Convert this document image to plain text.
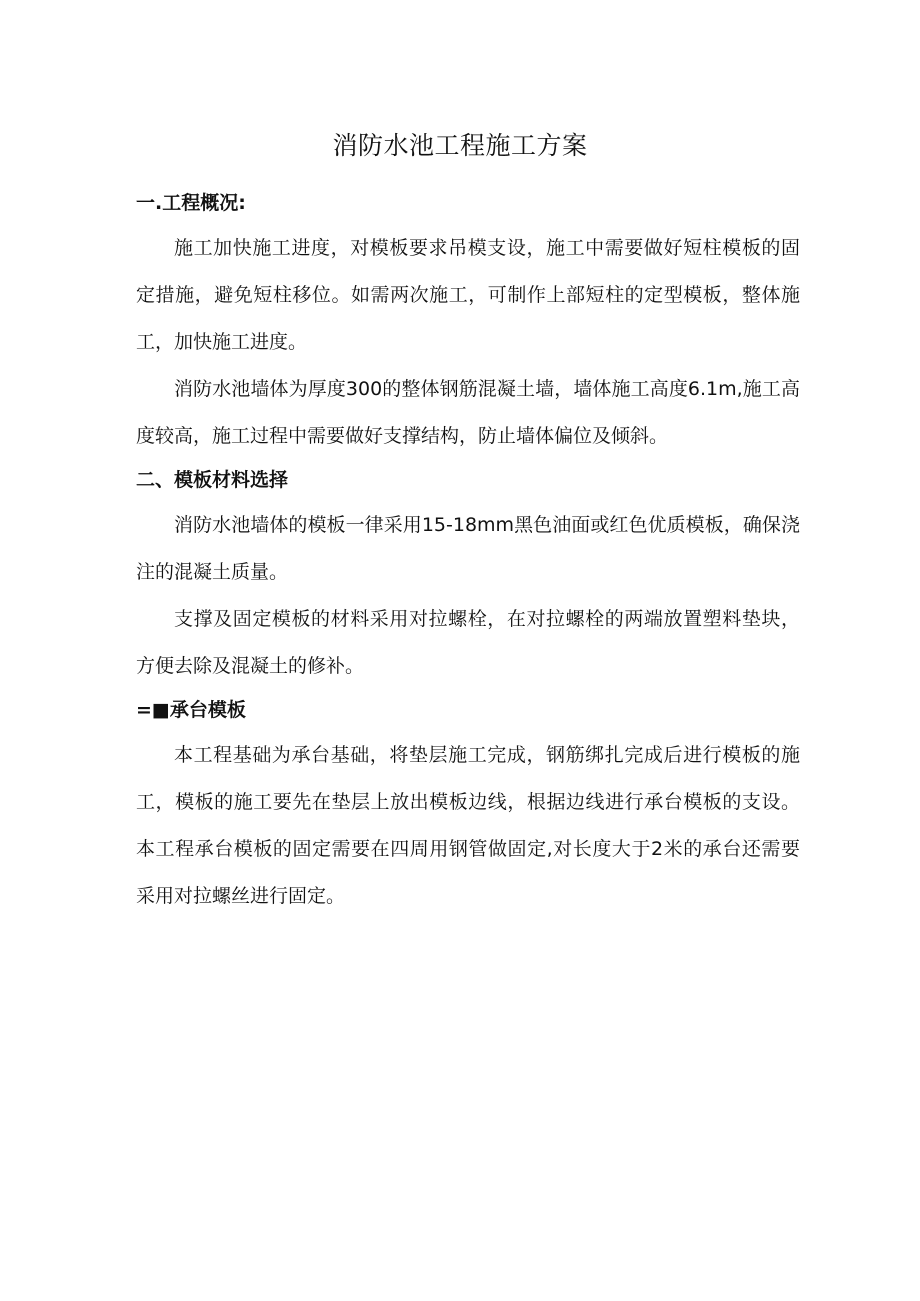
消防水池工程施工方案
一.工程概况:

施工加快施工进度，对模板要求吊模支设，施工中需要做好短柱模板的固定措施，避免短柱移位。如需两次施工，可制作上部短柱的定型模板，整体施工，加快施工进度。

消防水池墙体为厚度300的整体钢筋混凝土墙，墙体施工高度6.1m,施工高度较高，施工过程中需要做好支撑结构，防止墙体偏位及倾斜。

二、模板材料选择

消防水池墙体的模板一律采用15-18mm黑色油面或红色优质模板，确保浇注的混凝土质量。

支撑及固定模板的材料采用对拉螺栓，在对拉螺栓的两端放置塑料垫块，方便去除及混凝土的修补。

=■承台模板

本工程基础为承台基础，将垫层施工完成，钢筋绑扎完成后进行模板的施工，模板的施工要先在垫层上放出模板边线，根据边线进行承台模板的支设。本工程承台模板的固定需要在四周用钢管做固定,对长度大于2米的承台还需要采用对拉螺丝进行固定。
